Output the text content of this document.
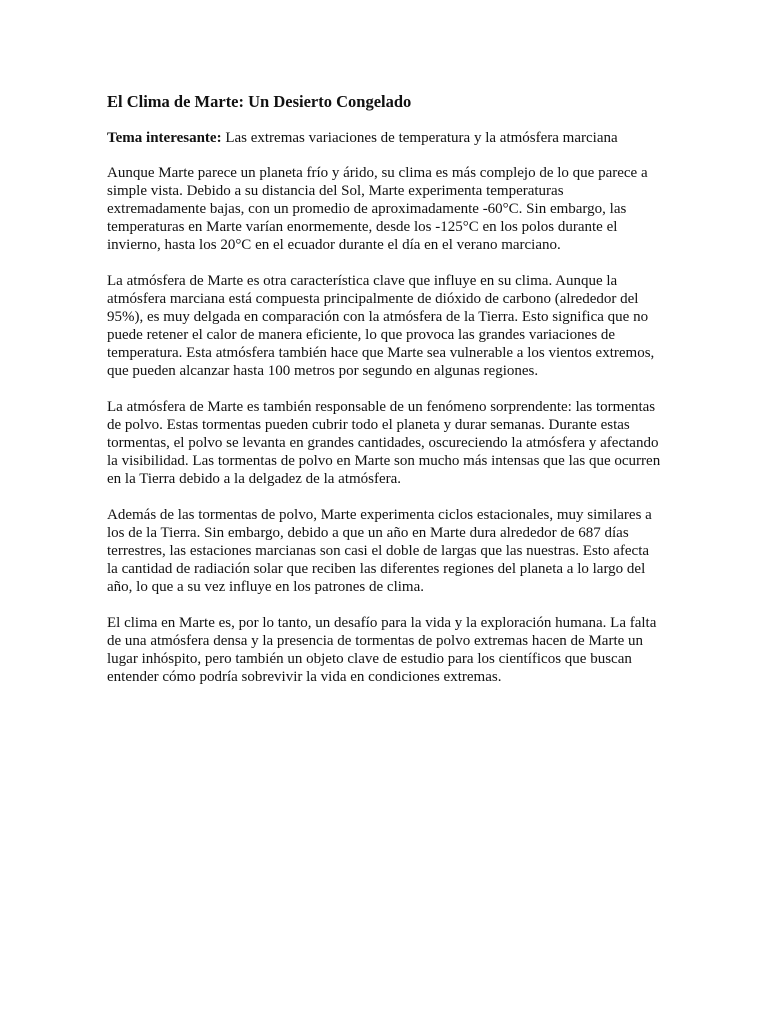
El Clima de Marte: Un Desierto Congelado

Tema interesante: Las extremas variaciones de temperatura y la atmósfera marciana

Aunque Marte parece un planeta frío y árido, su clima es más complejo de lo que parece a simple vista. Debido a su distancia del Sol, Marte experimenta temperaturas extremadamente bajas, con un promedio de aproximadamente -60°C. Sin embargo, las temperaturas en Marte varían enormemente, desde los -125°C en los polos durante el invierno, hasta los 20°C en el ecuador durante el día en el verano marciano.

La atmósfera de Marte es otra característica clave que influye en su clima. Aunque la atmósfera marciana está compuesta principalmente de dióxido de carbono (alrededor del 95%), es muy delgada en comparación con la atmósfera de la Tierra. Esto significa que no puede retener el calor de manera eficiente, lo que provoca las grandes variaciones de temperatura. Esta atmósfera también hace que Marte sea vulnerable a los vientos extremos, que pueden alcanzar hasta 100 metros por segundo en algunas regiones.

La atmósfera de Marte es también responsable de un fenómeno sorprendente: las tormentas de polvo. Estas tormentas pueden cubrir todo el planeta y durar semanas. Durante estas tormentas, el polvo se levanta en grandes cantidades, oscureciendo la atmósfera y afectando la visibilidad. Las tormentas de polvo en Marte son mucho más intensas que las que ocurren en la Tierra debido a la delgadez de la atmósfera.

Además de las tormentas de polvo, Marte experimenta ciclos estacionales, muy similares a los de la Tierra. Sin embargo, debido a que un año en Marte dura alrededor de 687 días terrestres, las estaciones marcianas son casi el doble de largas que las nuestras. Esto afecta la cantidad de radiación solar que reciben las diferentes regiones del planeta a lo largo del año, lo que a su vez influye en los patrones de clima.

El clima en Marte es, por lo tanto, un desafío para la vida y la exploración humana. La falta de una atmósfera densa y la presencia de tormentas de polvo extremas hacen de Marte un lugar inhóspito, pero también un objeto clave de estudio para los científicos que buscan entender cómo podría sobrevivir la vida en condiciones extremas.
